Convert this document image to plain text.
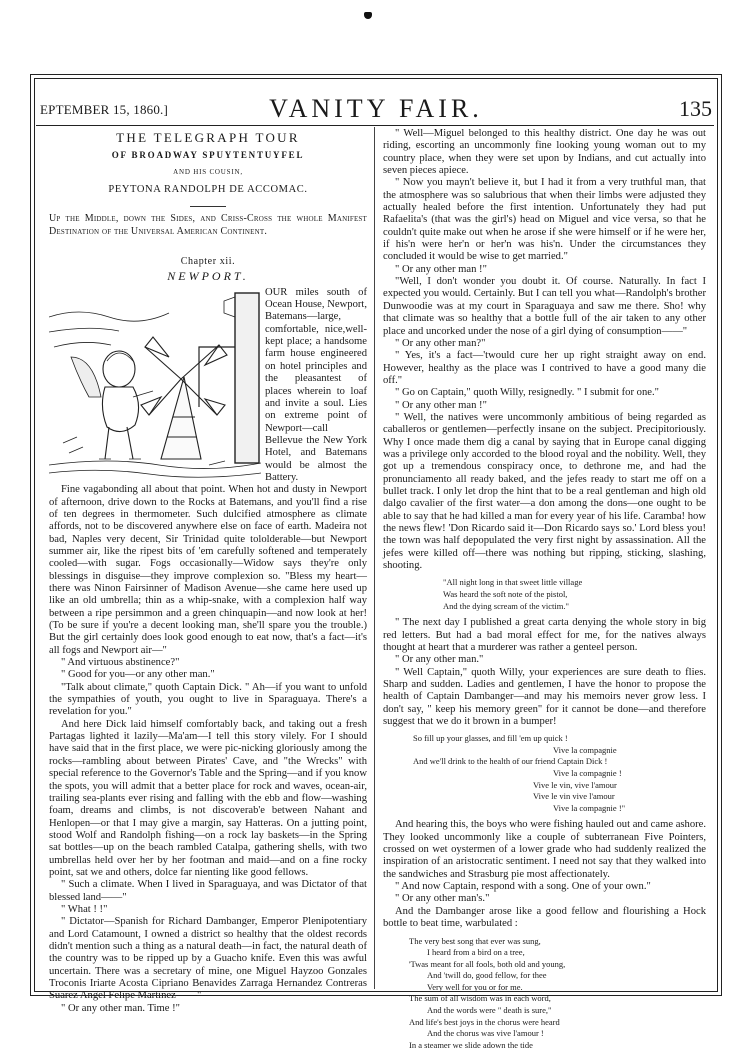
EPTEMBER 15, 1860.]	VANITY FAIR.	135

THE TELEGRAPH TOUR

OF BROADWAY SPUYTENTUYFEL

AND HIS COUSIN,

PEYTONA RANDOLPH DE ACCOMAC.

Up the Middle, down the Sides, and Criss-Cross the whole Manifest Destination of the Universal American Continent.

Chapter xii.

NEWPORT.

OUR miles south of Ocean House, Newport, Batemans—large, comfortable, nice,well-kept place; a handsome farm house engineered on hotel principles and the pleasantest of places wherein to loaf and invite a soul. Lies on extreme point of Newport—call Bellevue the New York Hotel, and Batemans would be almost the Battery.

Fine vagabonding all about that point. When hot and dusty in Newport of afternoon, drive down to the Rocks at Batemans, and you'll find a rise of ten degrees in thermometer. Such dulcified atmosphere as climate affords, not to be discovered anywhere else on face of earth. Madeira not bad, Naples very decent, Sir Trinidad quite tololderable—but Newport summer air, like the ripest bits of 'em carefully softened and temperately cooled—with sugar. Fogs occasionally—Widow says they're only blessings in disguise—they improve complexion so. "Bless my heart—there was Ninon Fairsinner of Madison Avenue—she came here used up like an old umbrella; thin as a whip-snake, with a complexion half way between a ripe persimmon and a green chinquapin—and now look at her! (To be sure if you're a decent looking man, she'll spare you the trouble.) But the girl certainly does look good enough to eat now, that's a fact—it's all fogs and Newport air—"

" And virtuous abstinence?"

" Good for you—or any other man."

"Talk about climate," quoth Captain Dick. " Ah—if you want to unfold the sympathies of youth, you ought to live in Sparaguaya. There's a revelation for you."

And here Dick laid himself comfortably back, and taking out a fresh Partagas lighted it lazily—Ma'am—I tell this story vilely. For I should have said that in the first place, we were pic-nicking gloriously among the rocks—rambling about between Pirates' Cave, and "the Wrecks" with special reference to the Governor's Table and the Spring—and if you know the spots, you will admit that a better place for rock and waves, ocean-air, trailing sea-plants ever rising and falling with the ebb and flow—washing foam, dreams and climbs, is not discoverab'e between Nahant and Henlopen—or that I may give a margin, say Hatteras. On a jutting point, stood Wolf and Randolph fishing—on a rock lay baskets—in the Spring sat bottles—up on the beach rambled Catalpa, gathering shells, with two umbrellas held over her by her footman and maid—and on a fine rocky point, sat we and others, dolce far nienting like good fellows.

" Such a climate. When I lived in Sparaguaya, and was Dictator of that blessed land——"

" What ! !"

" Dictator—Spanish for Richard Dambanger, Emperor Plenipotentiary and Lord Catamount, I owned a district so healthy that the oldest records didn't mention such a thing as a natural death—in fact, the natural death of the country was to be ripped up by a Guacho knife. Even this was awful uncertain. There was a secretary of mine, one Miguel Hayzoo Gonzales Troconis Iriarte Acosta Cipriano Benavides Zarraga Hernandez Contreras Suarez Angel Felipe Martinez——"

" Or any other man. Time !"

" Well—Miguel belonged to this healthy district. One day he was out riding, escorting an uncommonly fine looking young woman out to my country place, when they were set upon by Indians, and cut actually into seven pieces apiece.

" Now you mayn't believe it, but I had it from a very truthful man, that the atmosphere was so salubrious that when their limbs were adjusted they actually healed before the first intention. Unfortunately they had put Rafaelita's (that was the girl's) head on Miguel and vice versa, so that he couldn't quite make out when he arose if she were himself or if he were her, if his'n were her'n or her'n was his'n. Under the circumstances they concluded it would be wise to get married."

" Or any other man !"

"Well, I don't wonder you doubt it. Of course. Naturally. In fact I expected you would. Certainly. But I can tell you what—Randolph's brother Dunwoodie was at my court in Sparaguaya and saw me there. Sho! why that climate was so healthy that a bottle full of the air taken to any other place and uncorked under the nose of a girl dying of consumption——"

" Or any other man?"

" Yes, it's a fact—'twould cure her up right straight away on end. However, healthy as the place was I contrived to have a good many die off."

" Go on Captain," quoth Willy, resignedly. " I submit for one."

" Or any other man !"

" Well, the natives were uncommonly ambitious of being regarded as caballeros or gentlemen—perfectly insane on the subject. Precipitoriously. Why I once made them dig a canal by saying that in Europe canal digging was a privilege only accorded to the blood royal and the nobility. Well, they got up a tremendous conspiracy once, to dethrone me, and had the pronunciamento all ready baked, and the jefes ready to start me off on a bullet track. I only let drop the hint that to be a real gentleman and high old dalgo cavalier of the first water—a don among the dons—one ought to be able to say that he had killed a man for every year of his life. Caramba! how the news flew! 'Don Ricardo said it—Don Ricardo says so.' Lord bless you! the town was half depopulated the very first night by assassination. All the jefes were killed off—there was nothing but ripping, sticking, slashing, shooting.

"All night long in that sweet little village
Was heard the soft note of the pistol,
And the dying scream of the victim."

" The next day I published a great carta denying the whole story in big red letters. But had a bad moral effect for me, for the natives always thought at heart that a murderer was rather a genteel person.

" Or any other man."

" Well Captain," quoth Willy, your experiences are sure death to flies. Sharp and sudden. Ladies and gentlemen, I have the honor to propose the health of Captain Dambanger—and may his memoirs never grow less. I don't say, " keep his memory green" for it cannot be done—and therefore suggest that we do it brown in a bumper!

So fill up your glasses, and fill 'em up quick !
Vive la compagnie
And we'll drink to the health of our friend Captain Dick !
Vive la compagnie !
Vive le vin, vive l'amour
Vive le vin vive l'amour
Vive la compagnie !"

And hearing this, the boys who were fishing hauled out and came ashore. They looked uncommonly like a couple of subterranean Five Pointers, crossed on wet oystermen of a lower grade who had suddenly realized the inspiration of an aristocratic sentiment. I need not say that they walked into the sandwiches and Strasburg pie most affectionately.

" And now Captain, respond with a song. One of your own."

" Or any other man's."

And the Dambanger arose like a good fellow and flourishing a Hock bottle to beat time, warbulated :

The very best song that ever was sung,
I heard from a bird on a tree,
'Twas meant for all fools, both old and young,
And 'twill do, good fellow, for thee
Very well for you or for me.
The sum of all wisdom was in each word,
And the words were " death is sure,"
And life's best joys in the chorus were heard
And the chorus was vive l'amour !
In a steamer we slide adown the tide
